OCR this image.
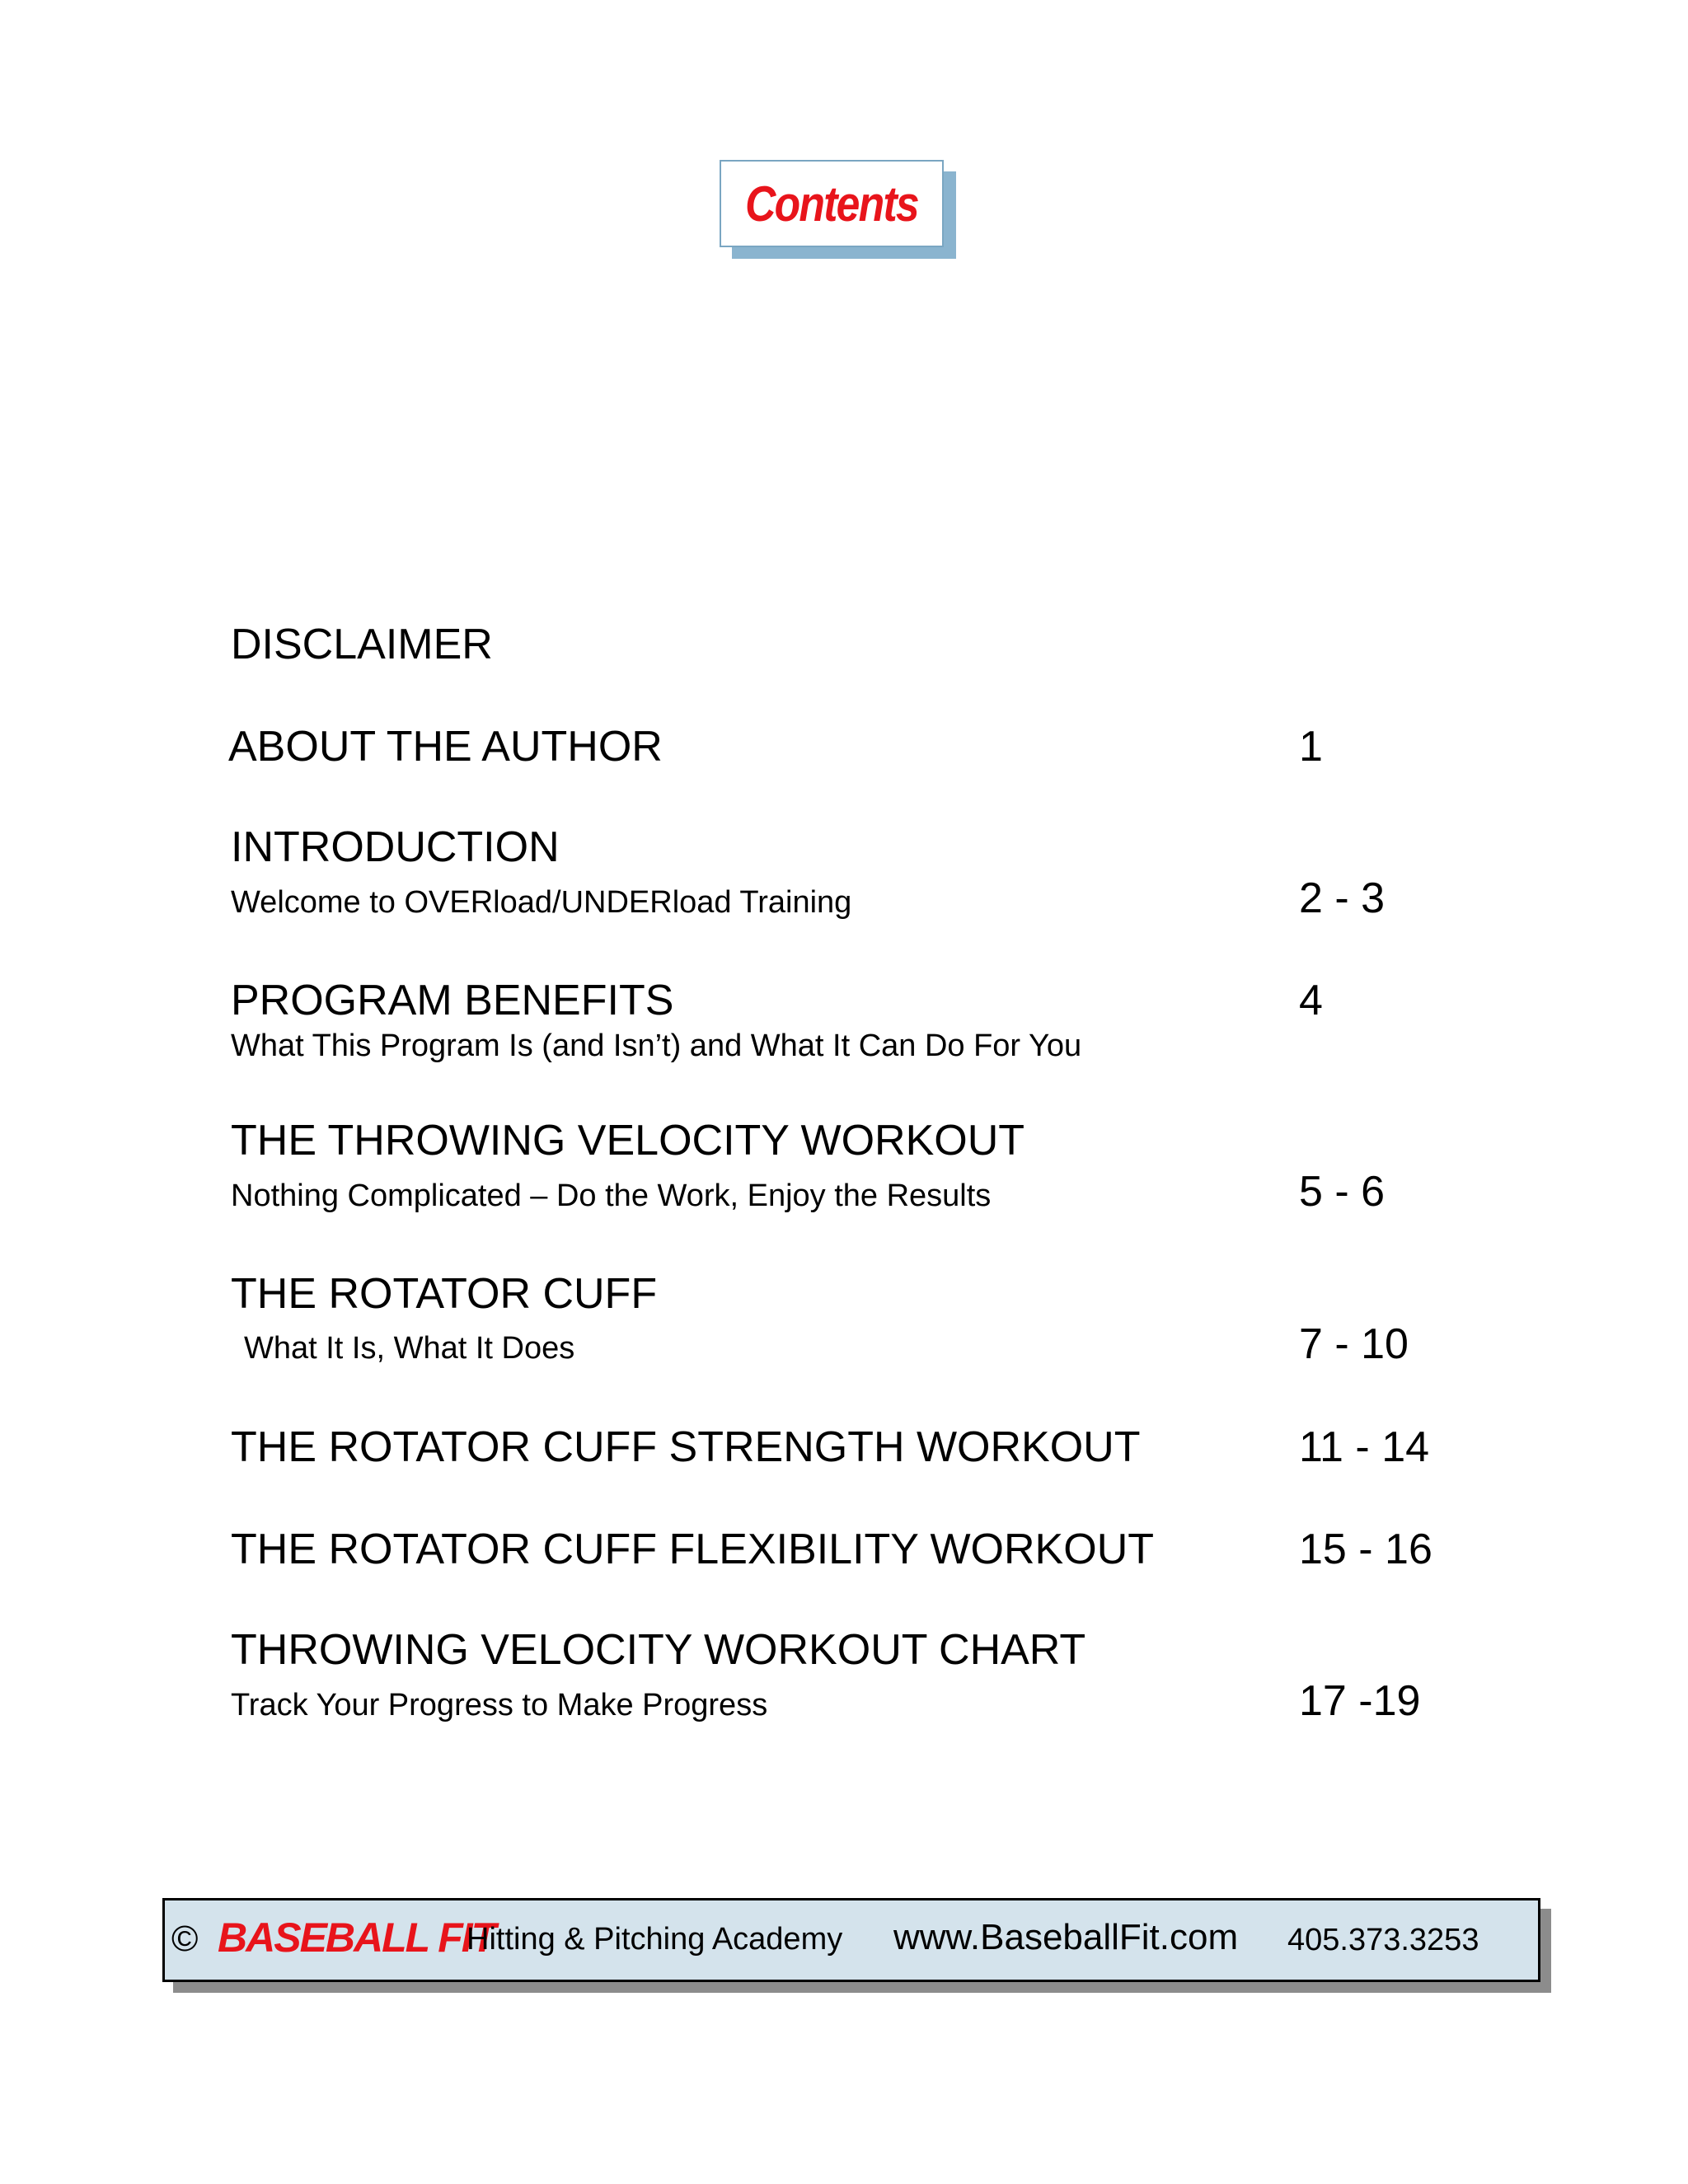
Contents
DISCLAIMER
ABOUT THE AUTHOR	1
INTRODUCTION
Welcome to OVERload/UNDERload Training	2 - 3
PROGRAM BENEFITS	4
What This Program Is (and Isn’t) and What It Can Do For You
THE THROWING VELOCITY WORKOUT
Nothing Complicated – Do the Work, Enjoy the Results	5 - 6
THE ROTATOR CUFF
What It Is, What It Does	7 - 10
THE ROTATOR CUFF STRENGTH WORKOUT	11 - 14
THE ROTATOR CUFF FLEXIBILITY WORKOUT	15 - 16
THROWING VELOCITY WORKOUT CHART
Track Your Progress to Make Progress	17 -19
© BASEBALL FIT
Hitting & Pitching Academy www.BaseballFit.com 405.373.3253
